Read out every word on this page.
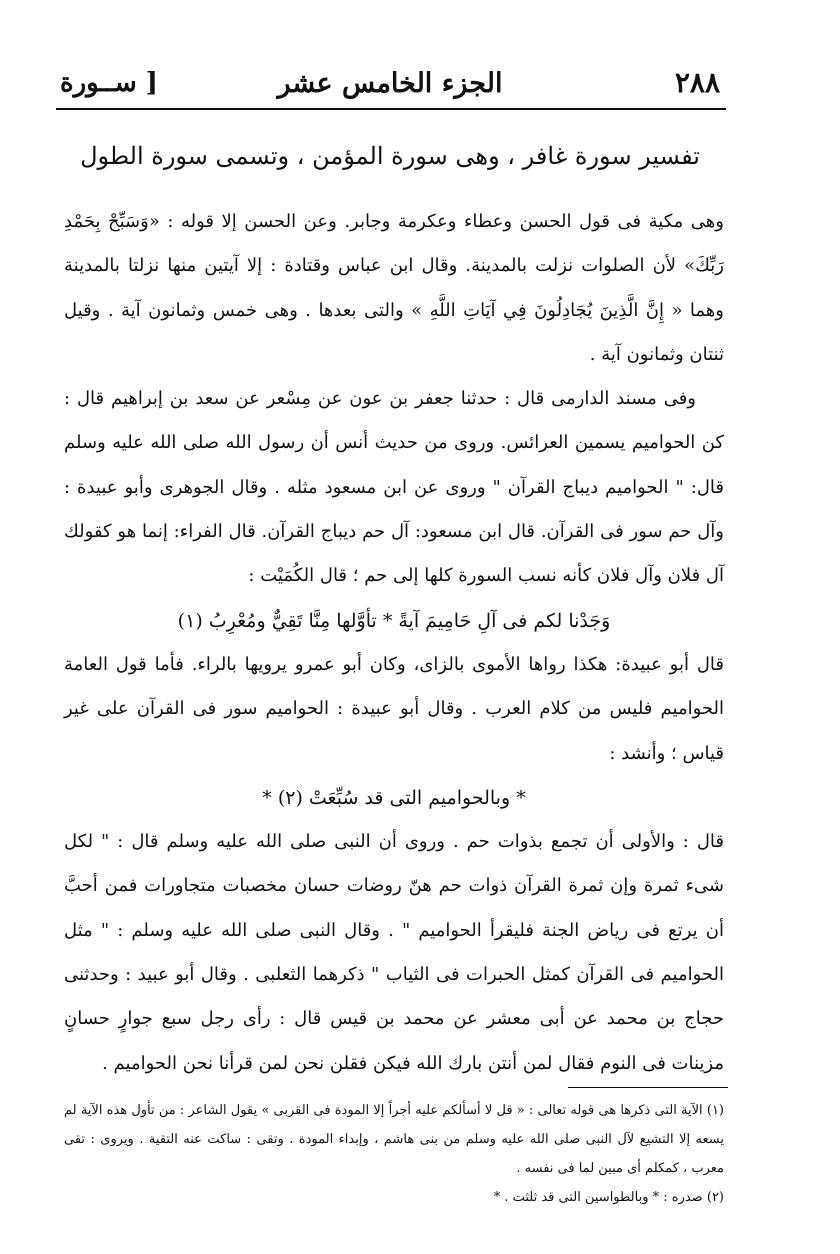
٢٨٨
الجزء الخامس عشر
[ ســورة
تفسير سورة غافر ، وهى سورة المؤمن ، وتسمى سورة الطول

وهى مكية فى قول الحسن وعطاء وعكرمة وجابر. وعن الحسن إلا قوله : «وَسَبِّحْ بِحَمْدِ رَبِّكَ» لأن الصلوات نزلت بالمدينة. وقال ابن عباس وقتادة : إلا آيتين منها نزلتا بالمدينة وهما « إِنَّ الَّذِينَ يُجَادِلُونَ فِي آيَاتِ اللَّهِ » والتى بعدها . وهى خمس وثمانون آية . وقيل ثنتان وثمانون آية .

وفى مسند الدارمى قال : حدثنا جعفر بن عون عن مِسْعر عن سعد بن إبراهيم قال : كن الحواميم يسمين العرائس. وروى من حديث أنس أن رسول الله صلى الله عليه وسلم قال: " الحواميم ديباج القرآن " وروى عن ابن مسعود مثله . وقال الجوهرى وأبو عبيدة : وآل حم سور فى القرآن. قال ابن مسعود: آل حم ديباج القرآن. قال الفراء: إنما هو كقولك آل فلان وآل فلان كأنه نسب السورة كلها إلى حم ؛ قال الكُمَيْت :

وَجَدْنا لكم فى آلِ حَامِيمَ آيةً * تأوَّلها مِنَّا تَقِيٌّ ومُعْرِبُ (١)

قال أبو عبيدة: هكذا رواها الأموى بالزاى، وكان أبو عمرو يرويها بالراء. فأما قول العامة الحواميم فليس من كلام العرب . وقال أبو عبيدة : الحواميم سور فى القرآن على غير قياس ؛ وأنشد :

* وبالحواميم التى قد سُبِّعَتْ (٢) *

قال : والأولى أن تجمع بذوات حم . وروى أن النبى صلى الله عليه وسلم قال : " لكل شىء ثمرة وإن ثمرة القرآن ذوات حم هنّ روضات حسان مخصبات متجاورات فمن أحبَّ أن يرتع فى رياض الجنة فليقرأ الحواميم " . وقال النبى صلى الله عليه وسلم : " مثل الحواميم فى القرآن كمثل الحبرات فى الثياب " ذكرهما الثعلبى . وقال أبو عبيد : وحدثنى حجاج بن محمد عن أبى معشر عن محمد بن قيس قال : رأى رجل سبع جوارٍ حسانٍ مزينات فى النوم فقال لمن أنتن بارك الله فيكن فقلن نحن لمن قرأنا نحن الحواميم .

(١) الآية التى ذكرها هى قوله تعالى : « قل لا أسألكم عليه أجراً إلا المودة فى القربى » يقول الشاعر : من تأول هذه الآية لم يسعه إلا التشيع لآل النبى صلى الله عليه وسلم من بنى هاشم ، وإبداء المودة . وتقى : ساكت عنه التقية . ويروى : تقى معرب ، كمكلم أى مبين لما فى نفسه .

(٢) صدره : * وبالطواسين التى قد ثلثت . *
